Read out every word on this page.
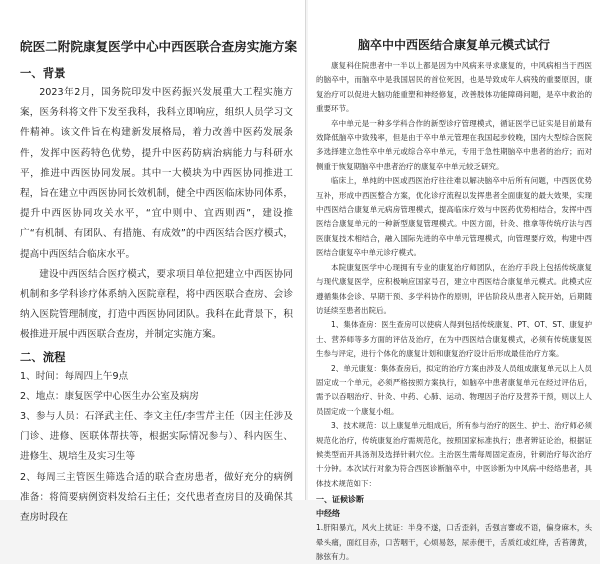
皖医二附院康复医学中心中西医联合查房实施方案
一、背景

2023年2月，国务院印发中医药振兴发展重大工程实施方案，医务科将文件下发至我科，我科立即响应，组织人员学习文件精神。该文件旨在构建新发展格局，着力改善中医药发展条件，发挥中医药特色优势，提升中医药防病治病能力与科研水平，推进中西医协同发展。其中一大模块为中西医协同推进工程，旨在建立中西医协同长效机制，健全中西医临床协同体系，提升中西医协同攻关水平，“宜中则中、宜西则西”，建设推广“有机制、有团队、有措施、有成效”的中西医结合医疗模式，提高中西医结合临床水平。

建设中西医结合医疗模式，要求项目单位把建立中西医协同机制和多学科诊疗体系纳入医院章程，将中西医联合查房、会诊纳入医院管理制度，打造中西医协同团队。我科在此背景下，积极推进开展中西医联合查房，并制定实施方案。

二、流程

1、时间：每周四上午9点

2、地点：康复医学中心医生办公室及病房

3、参与人员：石泽武主任、李文主任/李雪芹主任（因主任涉及门诊、进修、医联体帮扶等，根据实际情况参与）、科内医生、进修生、规培生及实习生等

2、每周三主管医生筛选合适的联合查房患者，做好充分的病例准备：将简要病例资料发给石主任；交代患者查房目的及确保其查房时段在

脑卒中中西医结合康复单元模式试行

康复科住院患者中一半以上都是因为中风病来寻求康复的，中风病相当于西医的脑卒中，而脑卒中是我国居民的首位死因，也是导致成年人病残的重要原因，康复治疗可以促进大脑功能重塑和神经修复，改善肢体功能障碍问题，是卒中救治的重要环节。

卒中单元是一种多学科合作的新型诊疗管理模式，循证医学已证实是目前最有效降低脑卒中致残率，但是由于卒中单元管理在我国起步较晚，国内大型综合医院多选择建立急性卒中单元或综合卒中单元，专用于急性期脑卒中患者的治疗；而对侧重于恢复期脑卒中患者治疗的康复卒中单元较乏研究。

临床上，单纯的中医或西医治疗往往难以解决脑卒中后所有问题，中西医优势互补，形成中西医整合方案，优化诊疗流程以发挥患者全面康复的最大效果，实现中西医结合康复单元病房管理模式，提高临床疗效与中医药优势相结合，发挥中西医结合康复单元的一种新型康复管理模式。中医方面，针灸、推拿等传统疗法与西医康复技术相结合，融入国际先进的卒中单元管理模式，向管理要疗效，构建中西医结合康复卒中单元诊疗模式。

本院康复医学中心现拥有专业的康复治疗师团队，在治疗手段上包括传统康复与现代康复医学，应积极响应国家号召，建立中西医结合康复单元模式。此模式应遵循集体会诊、早期干预、多学科协作的原则，评估阶段从患者入院开始，后期随访延续至患者出院后。

1、集体查房：医生查房可以使病人得到包括传统康复、PT、OT、ST、康复护士、营养师等多方面的评估及治疗，在为中西医结合康复模式，必须有传统康复医生参与评定，进行个体化的康复计划和康复治疗设计后形成最佳治疗方案。

2、单元康复：集体查房后，拟定的治疗方案由涉及人员组成康复单元以上人员固定成一个单元，必须严格按照方案执行，如脑卒中患者康复单元在经过评估后，需予以吞咽治疗、针灸、中药、心肺、运动、物理因子治疗及营养干预，则以上人员固定成一个康复小组。

3、技术规范：以上康复单元组成后，所有参与治疗的医生、护士、治疗师必须规范化治疗，传统康复治疗需规范化，按照国家标准执行；患者辨证论治，根据证候类型而开具汤剂及选择针刺穴位。主治医生需每周固定查房，针刺治疗每次治疗十分钟。本次试行对象为符合西医诊断脑卒中，中医诊断为中风病-中经络患者，具体技术规范如下：

一、证候诊断
中经络

1.肝阳暴亢，风火上扰证：半身不遂，口舌歪斜，舌强言謇或不语，偏身麻木，头晕头痛，面红目赤，口苦咽干，心烦易怒，尿赤便干，舌质红或红绛，舌苔薄黄，脉弦有力。
